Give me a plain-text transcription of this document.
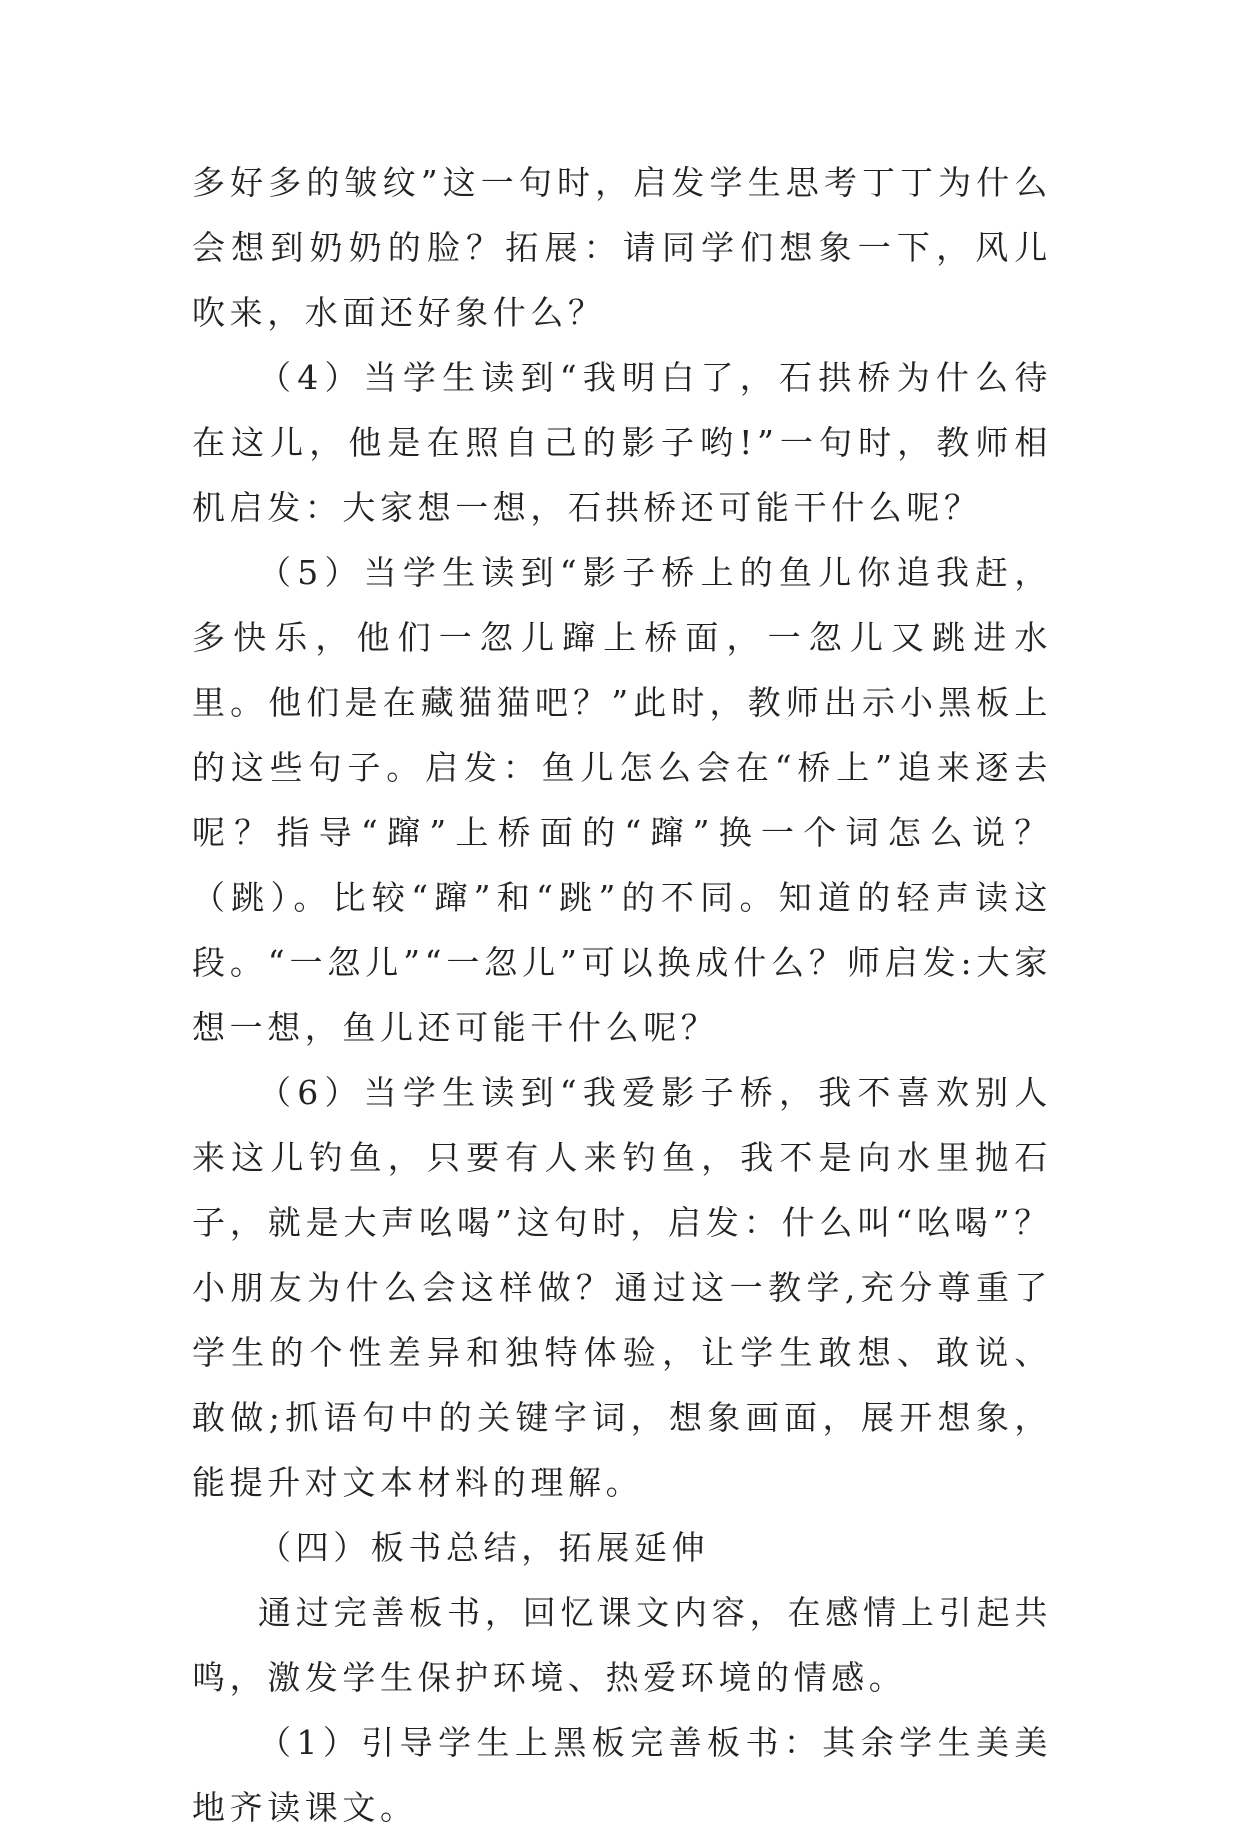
多好多的皱纹”这一句时，启发学生思考丁丁为什么会想到奶奶的脸？拓展：请同学们想象一下，风儿吹来，水面还好象什么？

（4）当学生读到“我明白了，石拱桥为什么待在这儿，他是在照自己的影子哟!”一句时，教师相机启发：大家想一想，石拱桥还可能干什么呢？

（5）当学生读到“影子桥上的鱼儿你追我赶，多快乐，他们一忽儿蹿上桥面，一忽儿又跳进水里。他们是在藏猫猫吧？”此时，教师出示小黑板上的这些句子。启发：鱼儿怎么会在“桥上”追来逐去呢？指导“蹿”上桥面的“蹿”换一个词怎么说？（跳）。比较“蹿”和“跳”的不同。知道的轻声读这段。“一忽儿”“一忽儿”可以换成什么？师启发:大家想一想，鱼儿还可能干什么呢？

（6）当学生读到“我爱影子桥，我不喜欢别人来这儿钓鱼，只要有人来钓鱼，我不是向水里抛石子，就是大声吆喝”这句时，启发：什么叫“吆喝”？小朋友为什么会这样做？通过这一教学,充分尊重了学生的个性差异和独特体验，让学生敢想、敢说、敢做;抓语句中的关键字词，想象画面，展开想象，能提升对文本材料的理解。

（四）板书总结，拓展延伸

通过完善板书，回忆课文内容，在感情上引起共鸣，激发学生保护环境、热爱环境的情感。

（1）引导学生上黑板完善板书：其余学生美美地齐读课文。
